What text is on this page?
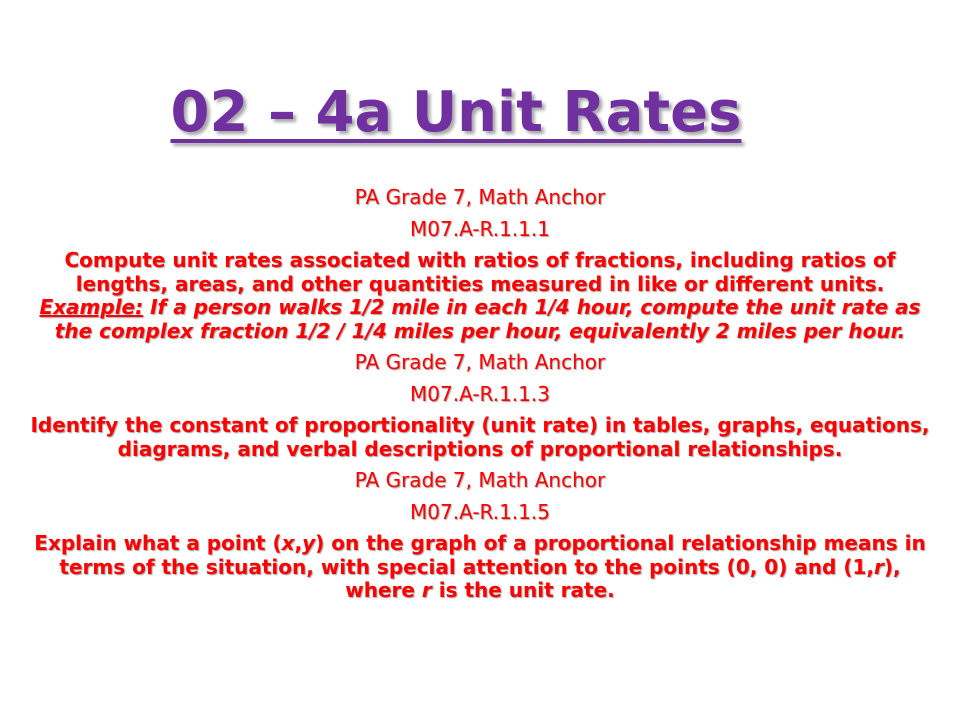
02 – 4a Unit Rates

PA Grade 7, Math Anchor

M07.A-R.1.1.1

Compute unit rates associated with ratios of fractions, including ratios of lengths, areas, and other quantities measured in like or different units. Example: If a person walks 1/2 mile in each 1/4 hour, compute the unit rate as the complex fraction 1/2 / 1/4 miles per hour, equivalently 2 miles per hour.

PA Grade 7, Math Anchor

M07.A-R.1.1.3

Identify the constant of proportionality (unit rate) in tables, graphs, equations, diagrams, and verbal descriptions of proportional relationships.

PA Grade 7, Math Anchor

M07.A-R.1.1.5

Explain what a point (x,y) on the graph of a proportional relationship means in terms of the situation, with special attention to the points (0, 0) and (1,r), where r is the unit rate.
